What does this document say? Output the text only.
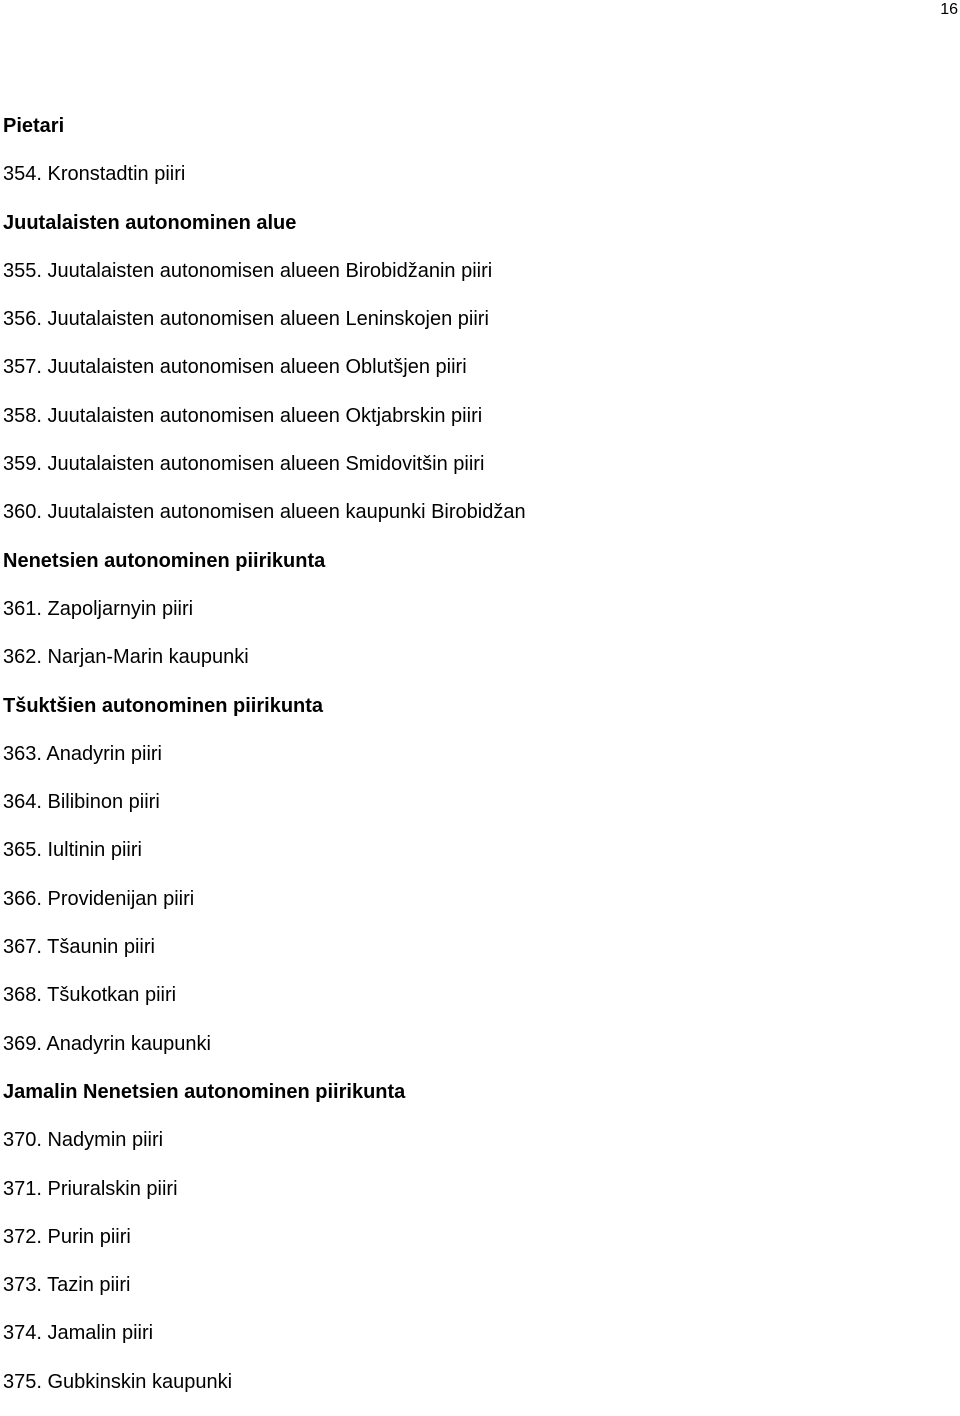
16
Pietari
354. Kronstadtin piiri
Juutalaisten autonominen alue
355. Juutalaisten autonomisen alueen Birobidžanin piiri
356. Juutalaisten autonomisen alueen Leninskojen piiri
357. Juutalaisten autonomisen alueen Oblutšjen piiri
358. Juutalaisten autonomisen alueen Oktjabrskin piiri
359. Juutalaisten autonomisen alueen Smidovitšin piiri
360. Juutalaisten autonomisen alueen kaupunki Birobidžan
Nenetsien autonominen piirikunta
361. Zapoljarnyin piiri
362. Narjan-Marin kaupunki
Tšuktšien autonominen piirikunta
363. Anadyrin piiri
364. Bilibinon piiri
365. Iultinin piiri
366. Providenijan piiri
367. Tšaunin piiri
368. Tšukotkan piiri
369. Anadyrin kaupunki
Jamalin Nenetsien autonominen piirikunta
370. Nadymin piiri
371. Priuralskin piiri
372. Purin piiri
373. Tazin piiri
374. Jamalin piiri
375. Gubkinskin kaupunki
